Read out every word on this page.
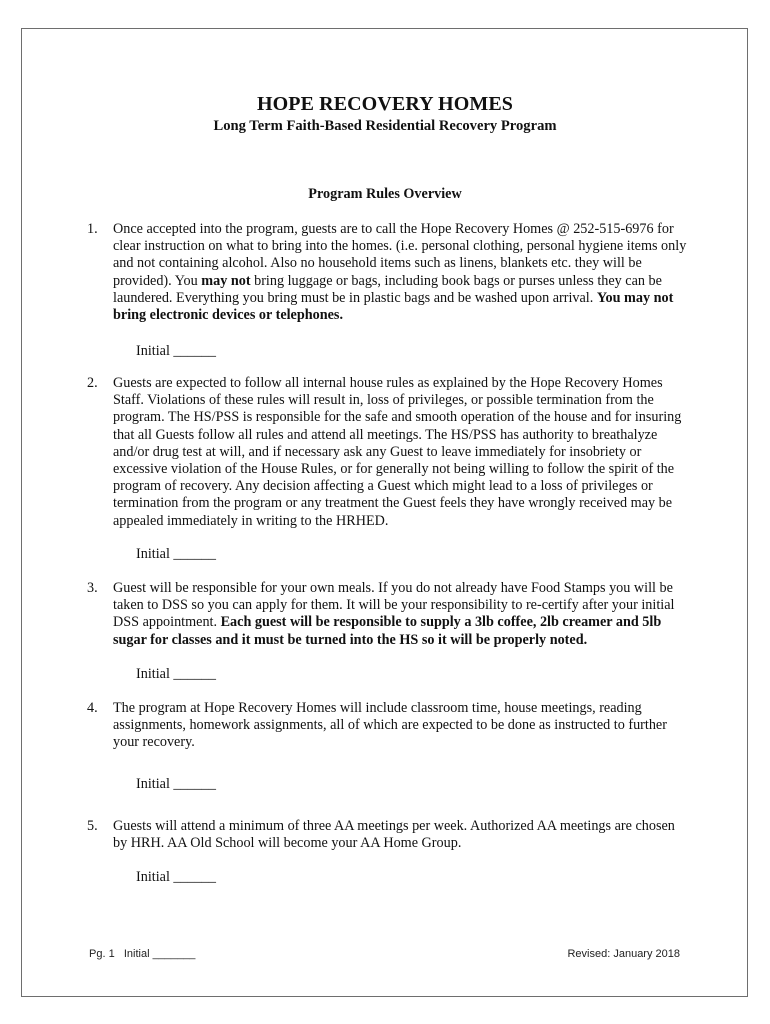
HOPE RECOVERY HOMES
Long Term Faith-Based Residential Recovery Program
Program Rules Overview
1. Once accepted into the program, guests are to call the Hope Recovery Homes @ 252-515-6976 for clear instruction on what to bring into the homes. (i.e. personal clothing, personal hygiene items only and not containing alcohol. Also no household items such as linens, blankets etc. they will be provided). You may not bring luggage or bags, including book bags or purses unless they can be laundered. Everything you bring must be in plastic bags and be washed upon arrival. You may not bring electronic devices or telephones.
Initial ______
2. Guests are expected to follow all internal house rules as explained by the Hope Recovery Homes Staff. Violations of these rules will result in, loss of privileges, or possible termination from the program. The HS/PSS is responsible for the safe and smooth operation of the house and for insuring that all Guests follow all rules and attend all meetings. The HS/PSS has authority to breathalyze and/or drug test at will, and if necessary ask any Guest to leave immediately for insobriety or excessive violation of the House Rules, or for generally not being willing to follow the spirit of the program of recovery. Any decision affecting a Guest which might lead to a loss of privileges or termination from the program or any treatment the Guest feels they have wrongly received may be appealed immediately in writing to the HRHED.
Initial ______
3. Guest will be responsible for your own meals. If you do not already have Food Stamps you will be taken to DSS so you can apply for them. It will be your responsibility to re-certify after your initial DSS appointment. Each guest will be responsible to supply a 3lb coffee, 2lb creamer and 5lb sugar for classes and it must be turned into the HS so it will be properly noted.
Initial ______
4. The program at Hope Recovery Homes will include classroom time, house meetings, reading assignments, homework assignments, all of which are expected to be done as instructed to further your recovery.
Initial ______
5. Guests will attend a minimum of three AA meetings per week. Authorized AA meetings are chosen by HRH. AA Old School will become your AA Home Group.
Initial ______
Pg. 1 Initial _______	Revised: January 2018
